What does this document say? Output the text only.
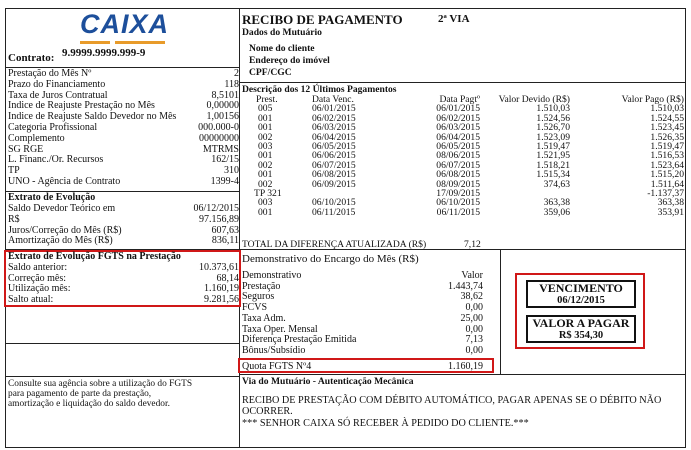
CAIXA
Contrato: 9.9999.9999.999-9
Prestação do Mês Nº	2
Prazo do Financiamento	118
Taxa de Juros Contratual	8,5101
Indice de Reajuste Prestação no Mês	0,00000
Indice de Reajuste Saldo Devedor no Mês	1,00156
Categoria Profissional	000.000-0
Complemento	00000000
SG RGE	MTRMS
L. Financ./Or. Recursos	162/15
TP	310
UNO - Agência de Contrato	1399-4
Extrato de Evolução
Saldo Devedor Teórico em	06/12/2015
R$	97.156,89
Juros/Correção do Mês (R$)	607,63
Amortização do Mês (R$)	836,11
Extrato de Evolução FGTS na Prestação
Saldo anterior:	10.373,61
Correção mês:	68,14
Utilização mês:	1.160,19
Salto atual:	9.281,56
Consulte sua agência sobre a utilização do FGTS para pagamento de parte da prestação, amortização e liquidação do saldo devedor.
RECIBO DE PAGAMENTO	2ª VIA
Dados do Mutuário
Nome do cliente
Endereço do imóvel
CPF/CGC
Descrição dos 12 Últimos Pagamentos
Prest.	Data Venc.	Data Pagtº	Valor Devido (R$)	Valor Pago (R$)
005	06/01/2015	06/01/2015	1.510,03	1.510,03
001	06/02/2015	06/02/2015	1.524,56	1.524,55
001	06/03/2015	06/03/2015	1.526,70	1.523,45
002	06/04/2015	06/04/2015	1.523,09	1.526,35
003	06/05/2015	06/05/2015	1.519,47	1.519,47
001	06/06/2015	08/06/2015	1.521,95	1.516,53
002	06/07/2015	06/07/2015	1.518,21	1.523,64
001	06/08/2015	06/08/2015	1.515,34	1.515,20
002	06/09/2015	08/09/2015	374,63	1.511,64
TP 321		17/09/2015		-1.137,37
003	06/10/2015	06/10/2015	363,38	363,38
001	06/11/2015	06/11/2015	359,06	353,91
TOTAL DA DIFERENÇA ATUALIZADA (R$)	7,12
Demonstrativo do Encargo do Mês (R$)
Demonstrativo	Valor
Prestação	1.443,74
Seguros	38,62
FCVS	0,00
Taxa Adm.	25,00
Taxa Oper. Mensal	0,00
Diferença Prestação Emitida	7,13
Bônus/Subsídio	0,00
Quota FGTS Nº4	1.160,19
VENCIMENTO
06/12/2015
VALOR A PAGAR
R$ 354,30
Via do Mutuário - Autenticação Mecânica
RECIBO DE PRESTAÇÃO COM DÉBITO AUTOMÁTICO, PAGAR APENAS SE O DÉBITO NÃO OCORRER.
*** SENHOR CAIXA SÓ RECEBER À PEDIDO DO CLIENTE.***
